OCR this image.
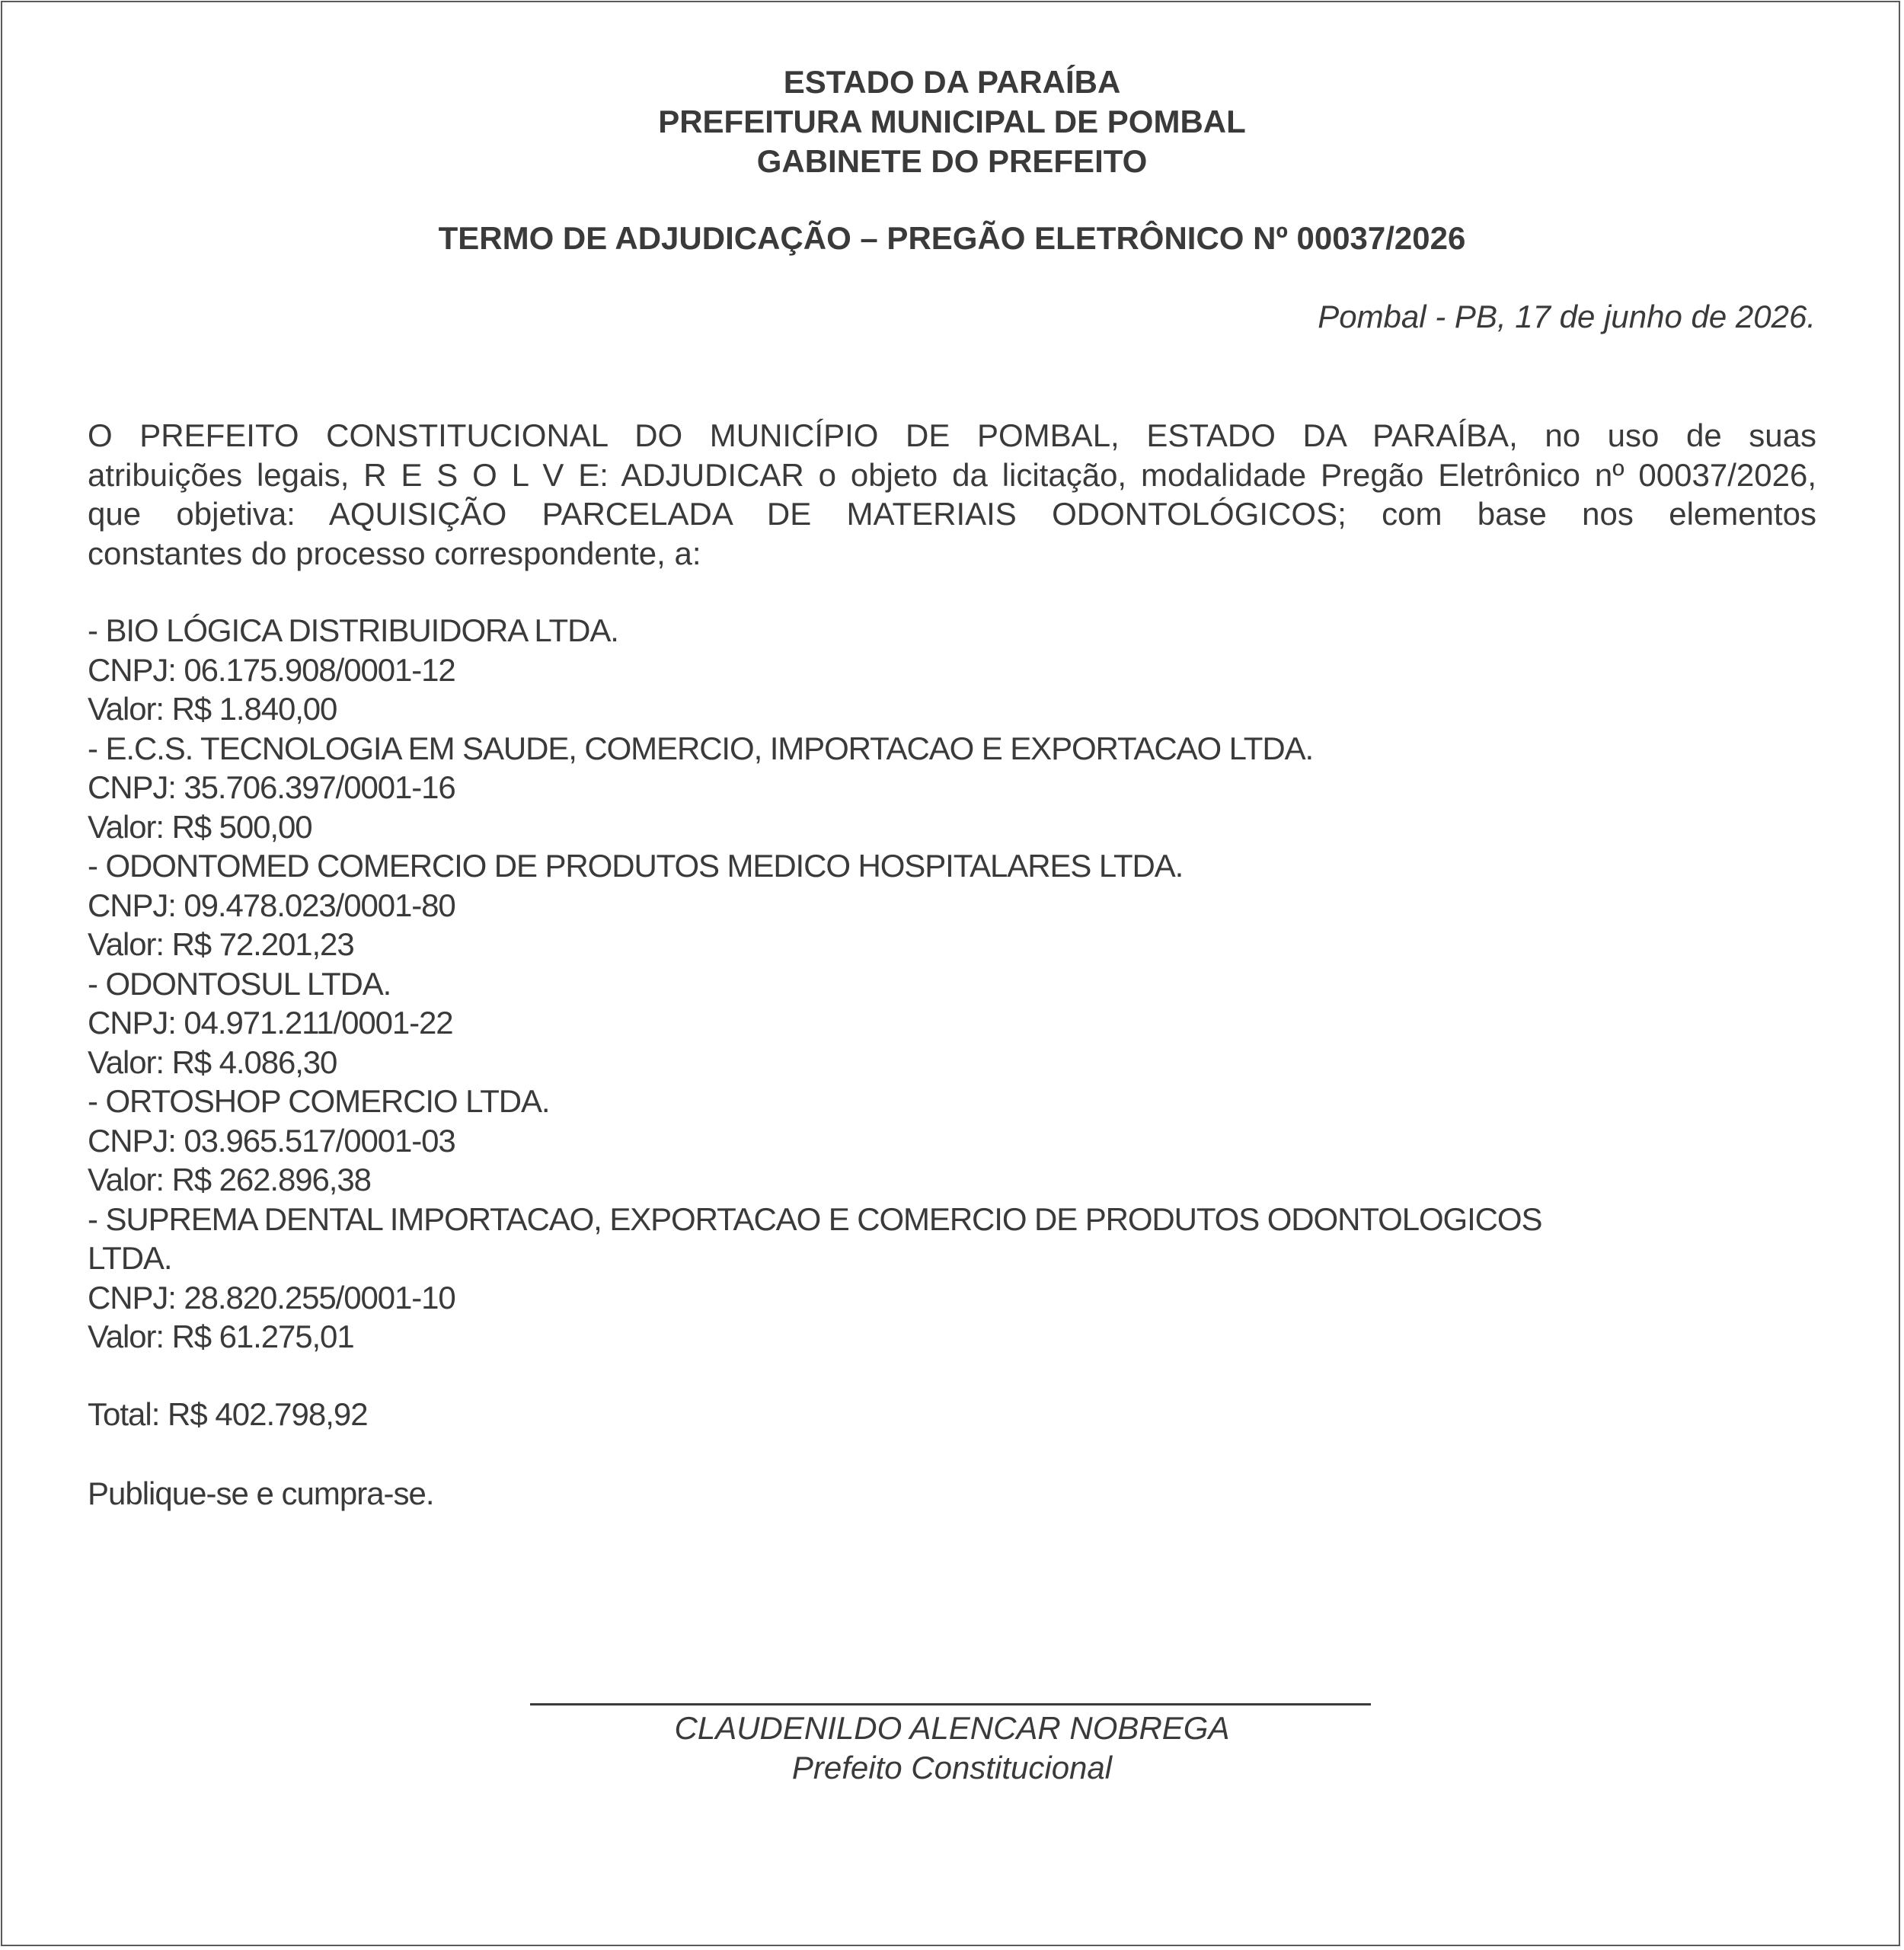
ESTADO DA PARAÍBA
PREFEITURA MUNICIPAL DE POMBAL
GABINETE DO PREFEITO
TERMO DE ADJUDICAÇÃO – PREGÃO ELETRÔNICO Nº 00037/2026
Pombal - PB, 17 de junho de 2026.
O PREFEITO CONSTITUCIONAL DO MUNICÍPIO DE POMBAL, ESTADO DA PARAÍBA, no uso de suas
atribuições legais, R E S O L V E: ADJUDICAR o objeto da licitação, modalidade Pregão Eletrônico nº 00037/2026,
que objetiva: AQUISIÇÃO PARCELADA DE MATERIAIS ODONTOLÓGICOS; com base nos elementos
constantes do processo correspondente, a:
- BIO LÓGICA DISTRIBUIDORA LTDA.
CNPJ: 06.175.908/0001-12
Valor: R$ 1.840,00
- E.C.S. TECNOLOGIA EM SAUDE, COMERCIO, IMPORTACAO E EXPORTACAO LTDA.
CNPJ: 35.706.397/0001-16
Valor: R$ 500,00
- ODONTOMED COMERCIO DE PRODUTOS MEDICO HOSPITALARES LTDA.
CNPJ: 09.478.023/0001-80
Valor: R$ 72.201,23
- ODONTOSUL LTDA.
CNPJ: 04.971.211/0001-22
Valor: R$ 4.086,30
- ORTOSHOP COMERCIO LTDA.
CNPJ: 03.965.517/0001-03
Valor: R$ 262.896,38
- SUPREMA DENTAL IMPORTACAO, EXPORTACAO E COMERCIO DE PRODUTOS ODONTOLOGICOS
LTDA.
CNPJ: 28.820.255/0001-10
Valor: R$ 61.275,01
Total: R$ 402.798,92
Publique-se e cumpra-se.
CLAUDENILDO ALENCAR NOBREGA
Prefeito Constitucional
